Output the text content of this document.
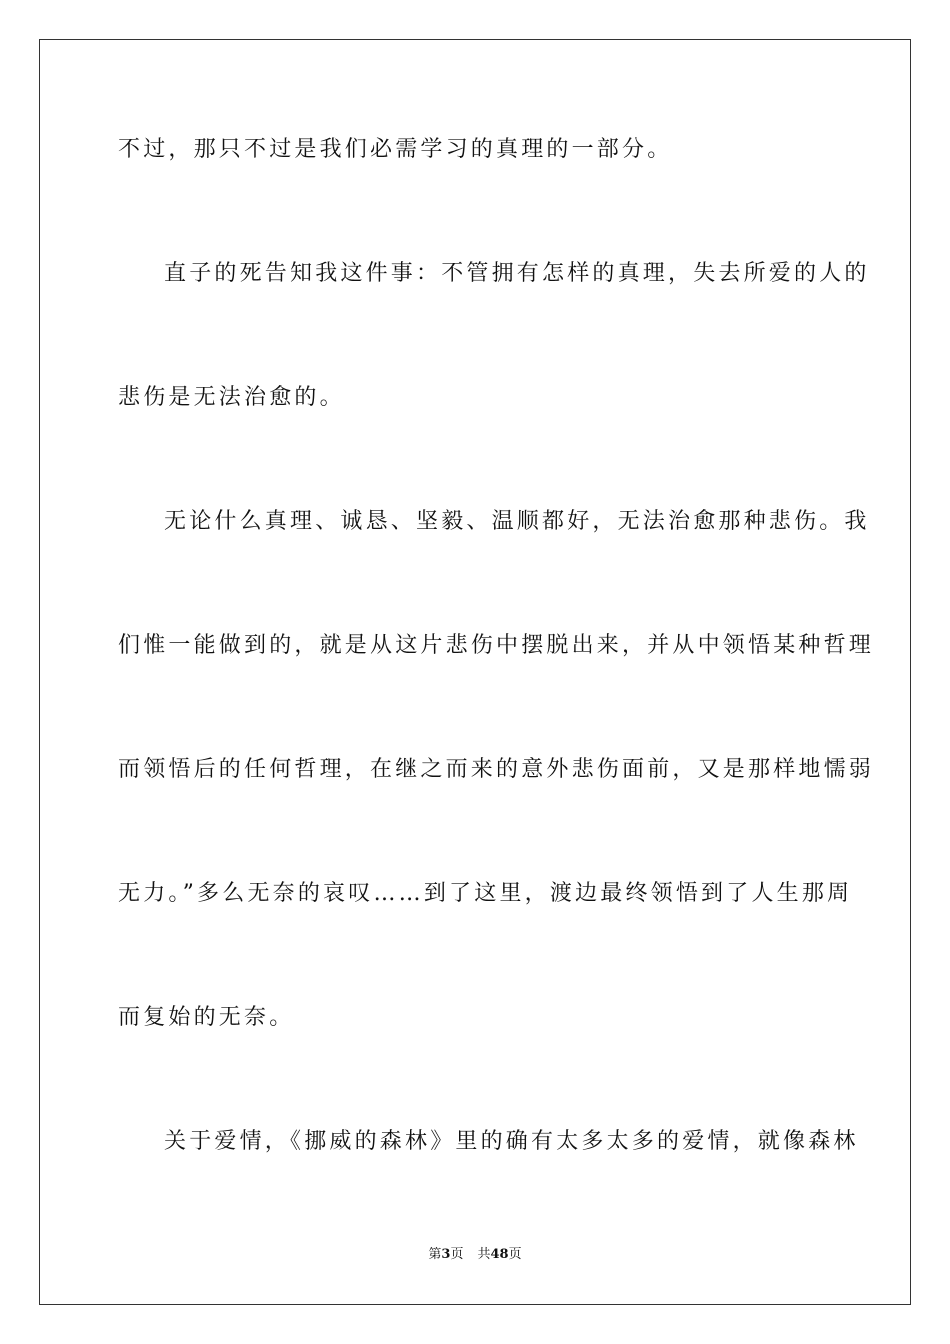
不过，那只不过是我们必需学习的真理的一部分。
直子的死告知我这件事：不管拥有怎样的真理，失去所爱的人的
悲伤是无法治愈的。
无论什么真理、诚恳、坚毅、温顺都好，无法治愈那种悲伤。我
们惟一能做到的，就是从这片悲伤中摆脱出来，并从中领悟某种哲理
而领悟后的任何哲理，在继之而来的意外悲伤面前，又是那样地懦弱
无力。”多么无奈的哀叹……到了这里，渡边最终领悟到了人生那周
而复始的无奈。
关于爱情，《挪威的森林》里的确有太多太多的爱情，就像森林
第3页 共48页
